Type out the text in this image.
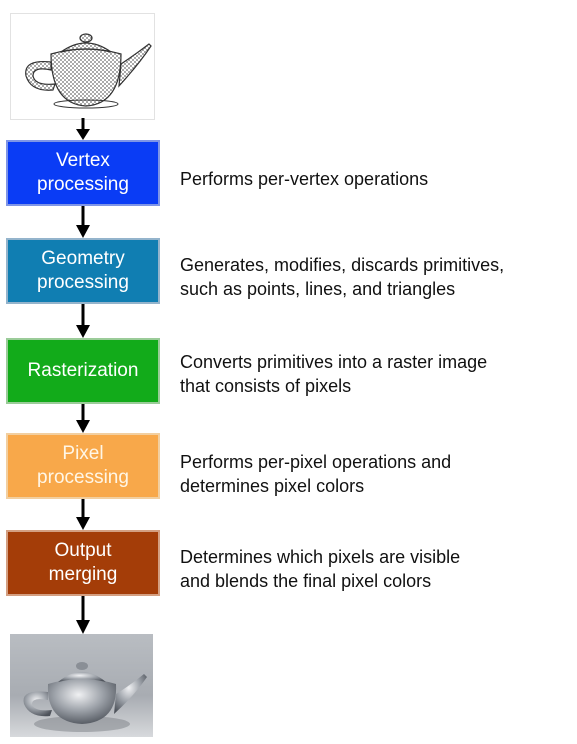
Vertex
processing	Performs per-vertex operations
Geometry
processing
Generates, modifies, discards primitives,
such as points, lines, and triangles
Rasterization	Converts primitives into a raster image
that consists of pixels
Pixel
processing
Performs per-pixel operations and
determines pixel colors
Output
merging
Determines which pixels are visible
and blends the final pixel colors
